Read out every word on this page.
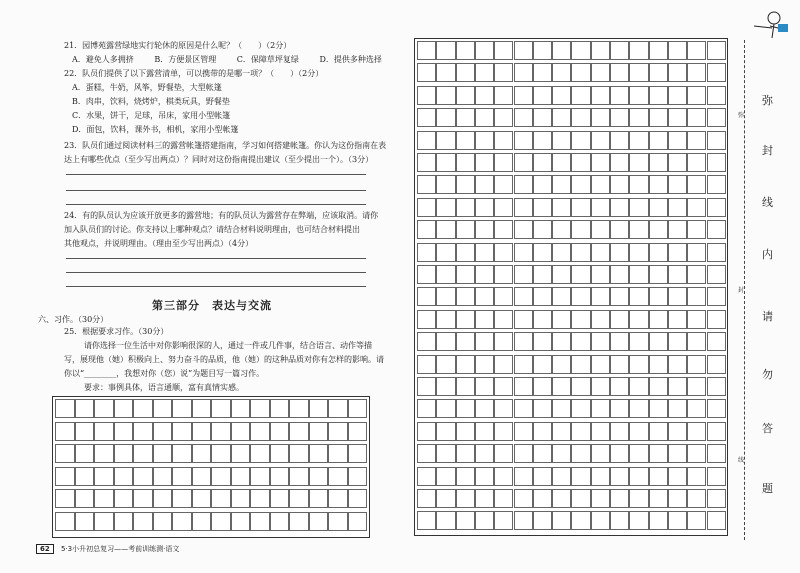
21．园博苑露营绿地实行轮休的原因是什么呢？（　　）（2分）
A．避免人多拥挤	B．方便景区管理	C．保障草坪复绿	D．提供多种选择
22．队员们提供了以下露营清单，可以携带的是哪一项？（　　）（2分）
A．蛋糕，牛奶，风筝，野餐垫，大型帐篷
B．肉串，饮料，烧烤炉，棋类玩具，野餐垫
C．水果，饼干，足球，吊床，家用小型帐篷
D．面包，饮料，课外书，相机，家用小型帐篷
23．队员们通过阅读材料三的露营帐篷搭建指南，学习如何搭建帐篷。你认为这份指南在表
达上有哪些优点（至少写出两点）？同时对这份指南提出建议（至少提出一个）。（3分）
24．有的队员认为应该开放更多的露营地；有的队员认为露营存在弊端，应该取消。请你
加入队员们的讨论。你支持以上哪种观点？请结合材料说明理由，也可结合材料提出
其他观点，并说明理由。（理由至少写出两点）（4分）
第三部分　表达与交流
六、习作。（30分）
25．根据要求习作。（30分）
请你选择一位生活中对你影响很深的人，通过一件或几件事，结合语言、动作等描
写，展现他（她）积极向上、努力奋斗的品质，他（她）的这种品质对你有怎样的影响。请
你以“________，我想对你（您）说”为题目写一篇习作。
要求：事例具体，语言通顺，富有真情实感。
弥
封
线
弥
封
线
内
请
勿
答
题
62 5·3小升初总复习——考前训练测·语文
